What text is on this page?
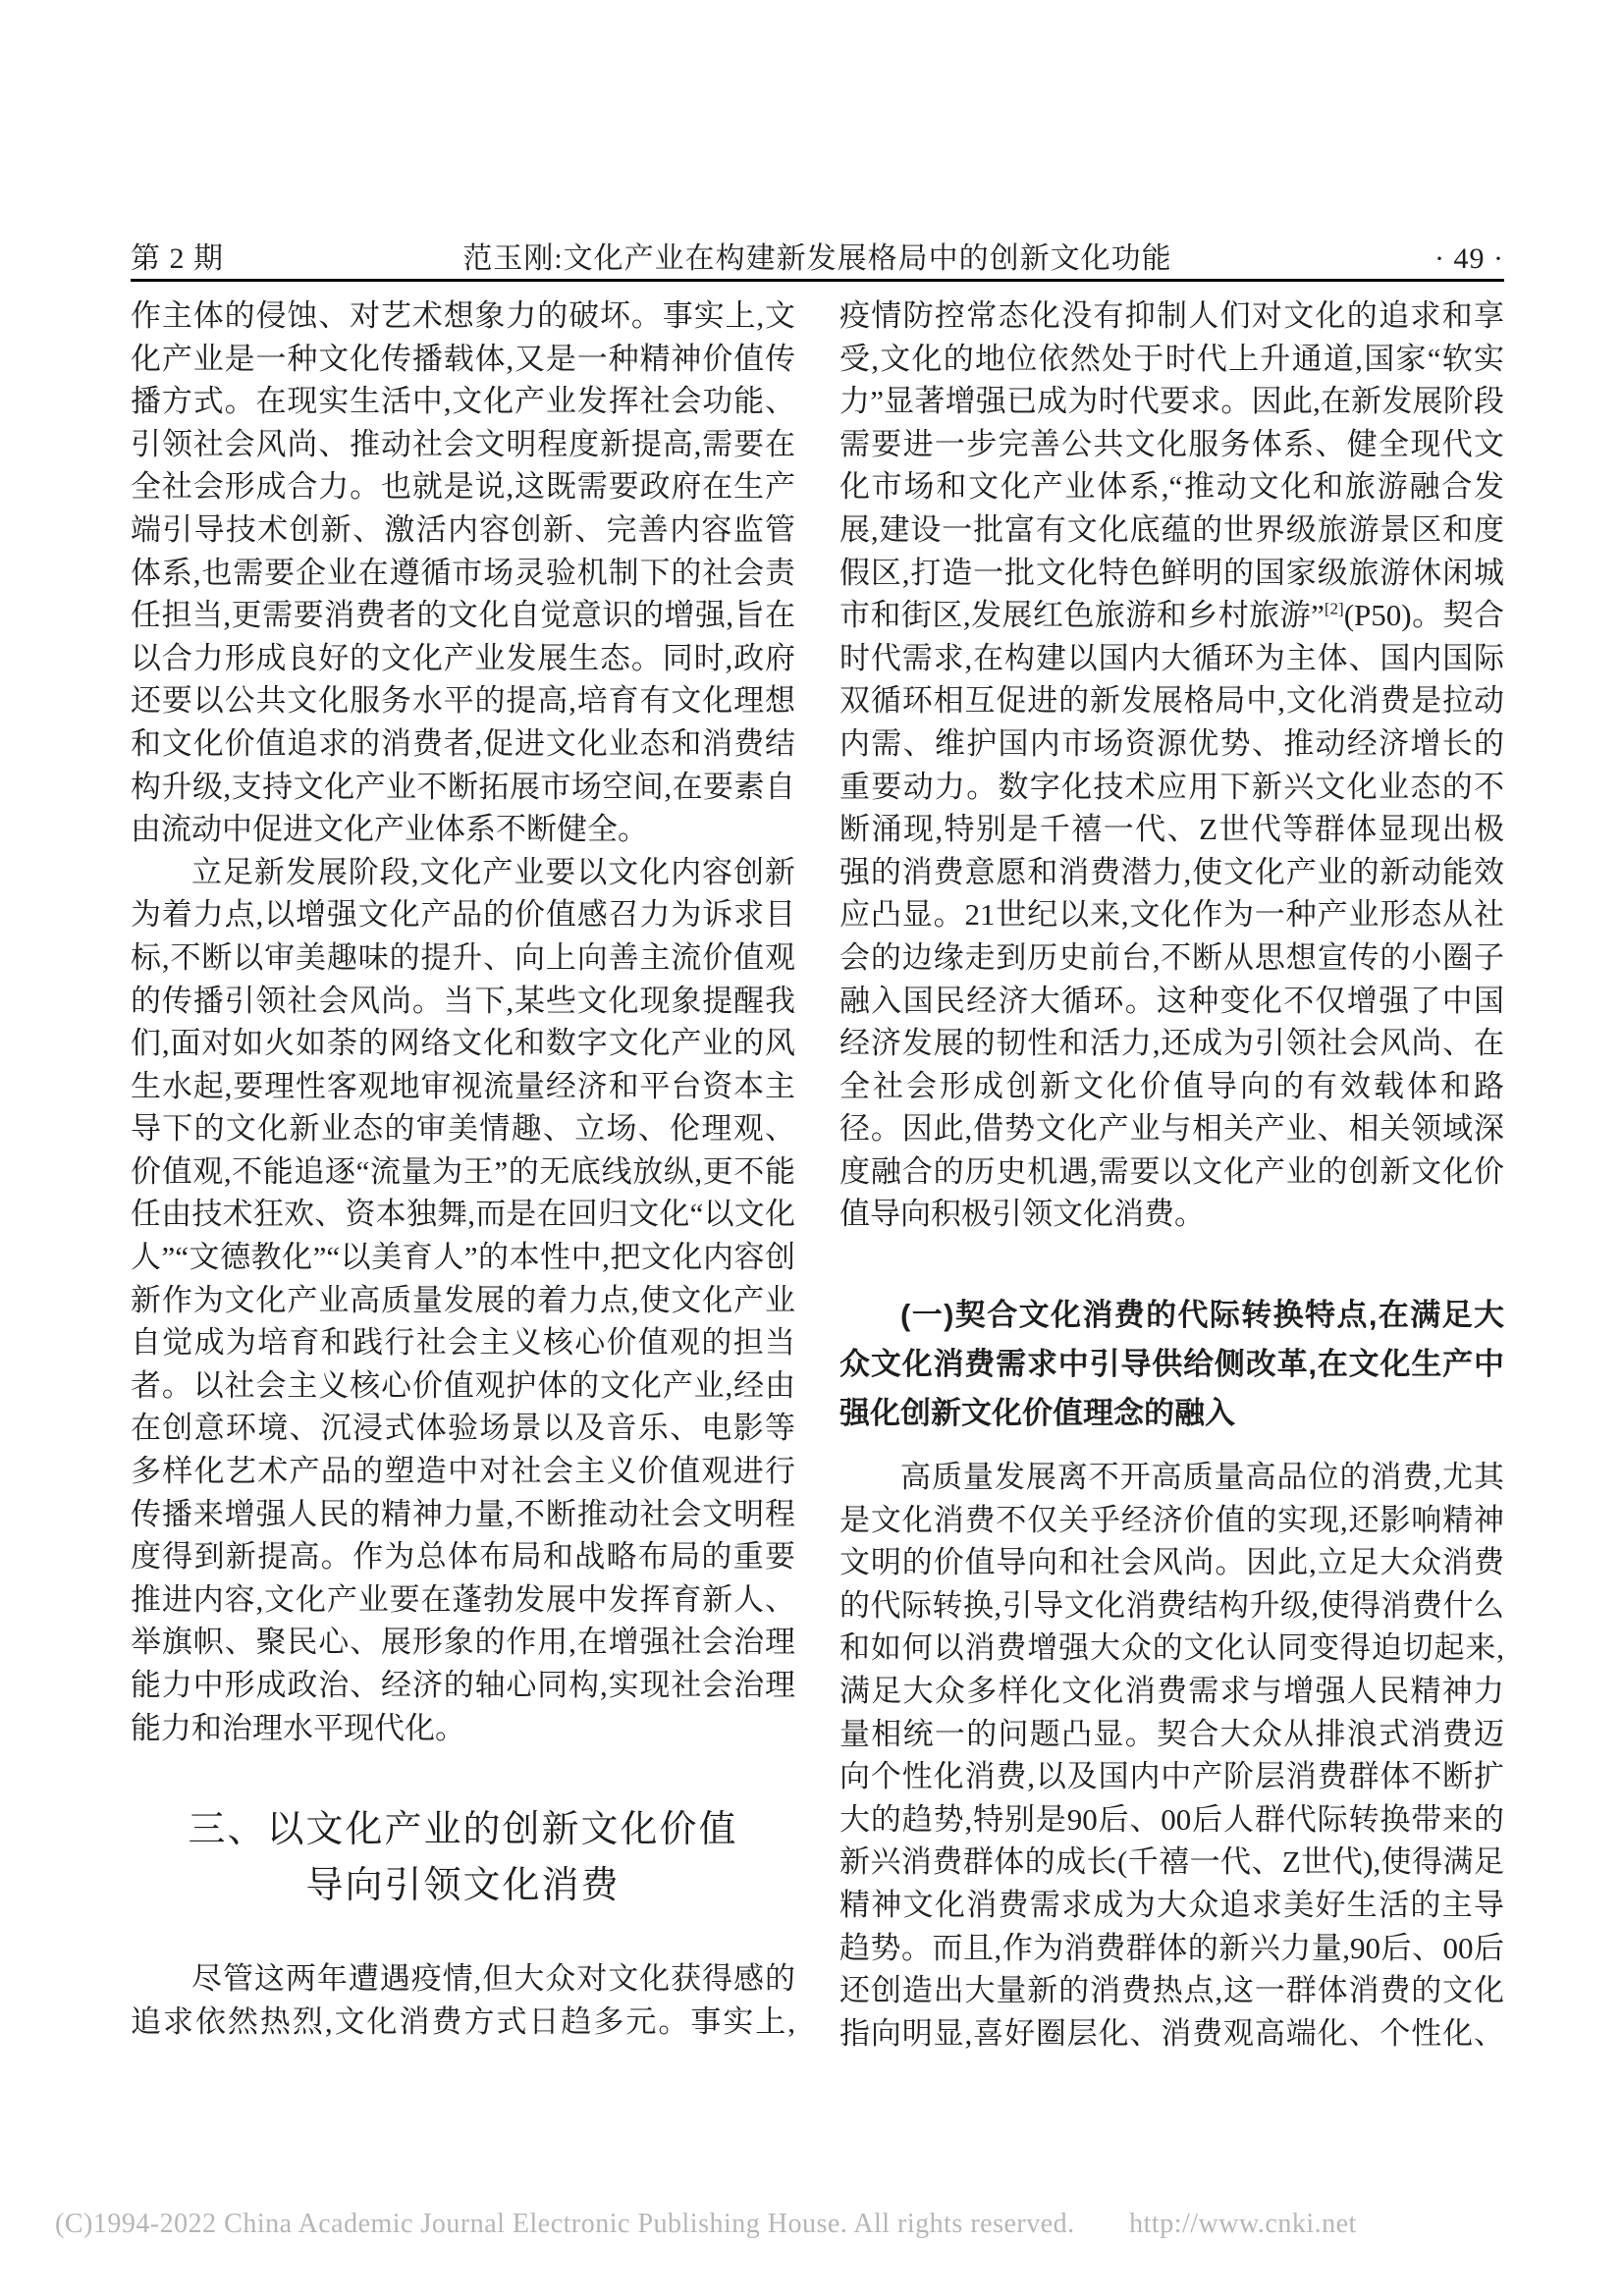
第 2 期	范玉刚:文化产业在构建新发展格局中的创新文化功能	· 49 ·

作主体的侵蚀、对艺术想象力的破坏。事实上,文化产业是一种文化传播载体,又是一种精神价值传播方式。在现实生活中,文化产业发挥社会功能、引领社会风尚、推动社会文明程度新提高,需要在全社会形成合力。也就是说,这既需要政府在生产端引导技术创新、激活内容创新、完善内容监管体系,也需要企业在遵循市场灵验机制下的社会责任担当,更需要消费者的文化自觉意识的增强,旨在以合力形成良好的文化产业发展生态。同时,政府还要以公共文化服务水平的提高,培育有文化理想和文化价值追求的消费者,促进文化业态和消费结构升级,支持文化产业不断拓展市场空间,在要素自由流动中促进文化产业体系不断健全。

立足新发展阶段,文化产业要以文化内容创新为着力点,以增强文化产品的价值感召力为诉求目标,不断以审美趣味的提升、向上向善主流价值观的传播引领社会风尚。当下,某些文化现象提醒我们,面对如火如荼的网络文化和数字文化产业的风生水起,要理性客观地审视流量经济和平台资本主导下的文化新业态的审美情趣、立场、伦理观、价值观,不能追逐“流量为王”的无底线放纵,更不能任由技术狂欢、资本独舞,而是在回归文化“以文化人”“文德教化”“以美育人”的本性中,把文化内容创新作为文化产业高质量发展的着力点,使文化产业自觉成为培育和践行社会主义核心价值观的担当者。以社会主义核心价值观护体的文化产业,经由在创意环境、沉浸式体验场景以及音乐、电影等多样化艺术产品的塑造中对社会主义价值观进行传播来增强人民的精神力量,不断推动社会文明程度得到新提高。作为总体布局和战略布局的重要推进内容,文化产业要在蓬勃发展中发挥育新人、举旗帜、聚民心、展形象的作用,在增强社会治理能力中形成政治、经济的轴心同构,实现社会治理能力和治理水平现代化。

三、以文化产业的创新文化价值
导向引领文化消费

尽管这两年遭遇疫情,但大众对文化获得感的追求依然热烈,文化消费方式日趋多元。事实上,

疫情防控常态化没有抑制人们对文化的追求和享受,文化的地位依然处于时代上升通道,国家“软实力”显著增强已成为时代要求。因此,在新发展阶段需要进一步完善公共文化服务体系、健全现代文化市场和文化产业体系,“推动文化和旅游融合发展,建设一批富有文化底蕴的世界级旅游景区和度假区,打造一批文化特色鲜明的国家级旅游休闲城市和街区,发展红色旅游和乡村旅游”[2](P50)。契合时代需求,在构建以国内大循环为主体、国内国际双循环相互促进的新发展格局中,文化消费是拉动内需、维护国内市场资源优势、推动经济增长的重要动力。数字化技术应用下新兴文化业态的不断涌现,特别是千禧一代、Z世代等群体显现出极强的消费意愿和消费潜力,使文化产业的新动能效应凸显。21世纪以来,文化作为一种产业形态从社会的边缘走到历史前台,不断从思想宣传的小圈子融入国民经济大循环。这种变化不仅增强了中国经济发展的韧性和活力,还成为引领社会风尚、在全社会形成创新文化价值导向的有效载体和路径。因此,借势文化产业与相关产业、相关领域深度融合的历史机遇,需要以文化产业的创新文化价值导向积极引领文化消费。

(一)契合文化消费的代际转换特点,在满足大众文化消费需求中引导供给侧改革,在文化生产中强化创新文化价值理念的融入

高质量发展离不开高质量高品位的消费,尤其是文化消费不仅关乎经济价值的实现,还影响精神文明的价值导向和社会风尚。因此,立足大众消费的代际转换,引导文化消费结构升级,使得消费什么和如何以消费增强大众的文化认同变得迫切起来,满足大众多样化文化消费需求与增强人民精神力量相统一的问题凸显。契合大众从排浪式消费迈向个性化消费,以及国内中产阶层消费群体不断扩大的趋势,特别是90后、00后人群代际转换带来的新兴消费群体的成长(千禧一代、Z世代),使得满足精神文化消费需求成为大众追求美好生活的主导趋势。而且,作为消费群体的新兴力量,90后、00后还创造出大量新的消费热点,这一群体消费的文化指向明显,喜好圈层化、消费观高端化、个性化、

(C)1994-2022 China Academic Journal Electronic Publishing House. All rights reserved. http://www.cnki.net
